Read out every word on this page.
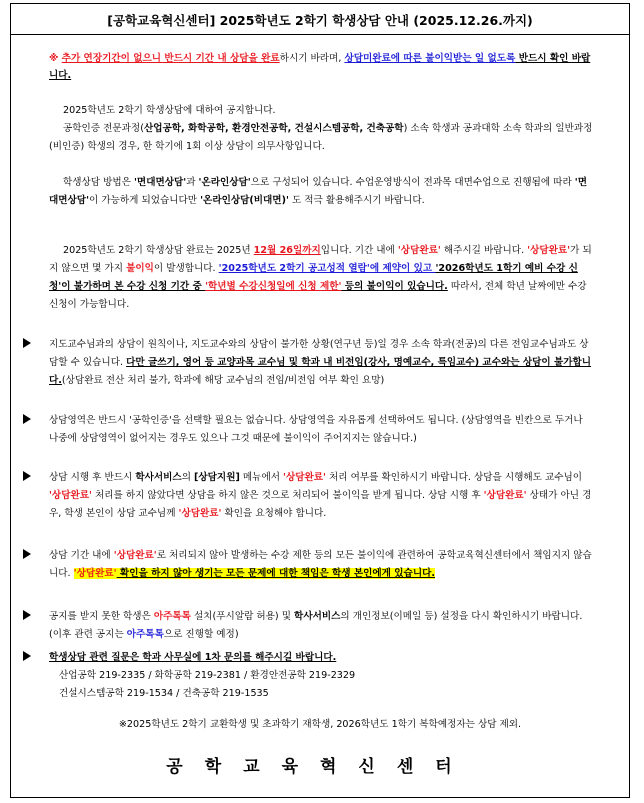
[공학교육혁신센터] 2025학년도 2학기 학생상담 안내 (2025.12.26.까지)
※ 추가 연장기간이 없으니 반드시 기간 내 상담을 완료하시기 바라며, 상담미완료에 따른 불이익받는 일 없도록 반드시 확인 바랍니다.
2025학년도 2학기 학생상담에 대하여 공지합니다.
공학인증 전문과정(산업공학, 화학공학, 환경안전공학, 건설시스템공학, 건축공학) 소속 학생과 공과대학 소속 학과의 일반과정(비인증) 학생의 경우, 한 학기에 1회 이상 상담이 의무사항입니다.
학생상담 방법은 '면대면상담'과 '온라인상담'으로 구성되어 있습니다. 수업운영방식이 전과목 대면수업으로 진행됨에 따라 '면대면상담'이 가능하게 되었습니다만 '온라인상담(비대면)' 도 적극 활용해주시기 바랍니다.
2025학년도 2학기 학생상담 완료는 2025년 12월 26일까지입니다. 기간 내에 '상담완료' 해주시길 바랍니다. '상담완료'가 되지 않으면 몇 가지 불이익이 발생합니다. '2025학년도 2학기 공고성적 열람'에 제약이 있고 '2026학년도 1학기 예비 수강 신청'이 불가하며 본 수강 신청 기간 중 '학년별 수강신청일에 신청 제한' 등의 불이익이 있습니다. 따라서, 전체 학년 날짜에만 수강 신청이 가능합니다.
지도교수님과의 상담이 원칙이나, 지도교수와의 상담이 불가한 상황(연구년 등)일 경우 소속 학과(전공)의 다른 전임교수님과도 상담할 수 있습니다. 다만 글쓰기, 영어 등 교양과목 교수님 및 학과 내 비전임(강사, 명예교수, 특임교수) 교수와는 상담이 불가합니다.(상담완료 전산 처리 불가, 학과에 해당 교수님의 전임/비전임 여부 확인 요망)
상담영역은 반드시 '공학인증'을 선택할 필요는 없습니다. 상담영역을 자유롭게 선택하여도 됩니다. (상담영역을 빈칸으로 두거나 나중에 상담영역이 없어지는 경우도 있으나 그것 때문에 불이익이 주어지지는 않습니다.)
상담 시행 후 반드시 학사서비스의 [상담지원] 메뉴에서 '상담완료' 처리 여부를 확인하시기 바랍니다. 상담을 시행해도 교수님이 '상담완료' 처리를 하지 않았다면 상담을 하지 않은 것으로 처리되어 불이익을 받게 됩니다. 상담 시행 후 '상담완료' 상태가 아닌 경우, 학생 본인이 상담 교수님께 '상담완료' 확인을 요청해야 합니다.
상담 기간 내에 '상담완료'로 처리되지 않아 발생하는 수강 제한 등의 모든 불이익에 관련하여 공학교육혁신센터에서 책임지지 않습니다. '상담완료' 확인을 하지 않아 생기는 모든 문제에 대한 책임은 학생 본인에게 있습니다.
공지를 받지 못한 학생은 아주톡톡 설치(푸시알람 허용) 및 학사서비스의 개인정보(이메일 등) 설정을 다시 확인하시기 바랍니다. (이후 관련 공지는 아주톡톡으로 진행할 예정)
학생상담 관련 질문은 학과 사무실에 1차 문의를 해주시길 바랍니다.
산업공학 219-2335 / 화학공학 219-2381 / 환경안전공학 219-2329
건설시스템공학 219-1534 / 건축공학 219-1535
※2025학년도 2학기 교환학생 및 초과학기 재학생, 2026학년도 1학기 복학예정자는 상담 제외.
공학교육혁신센터
